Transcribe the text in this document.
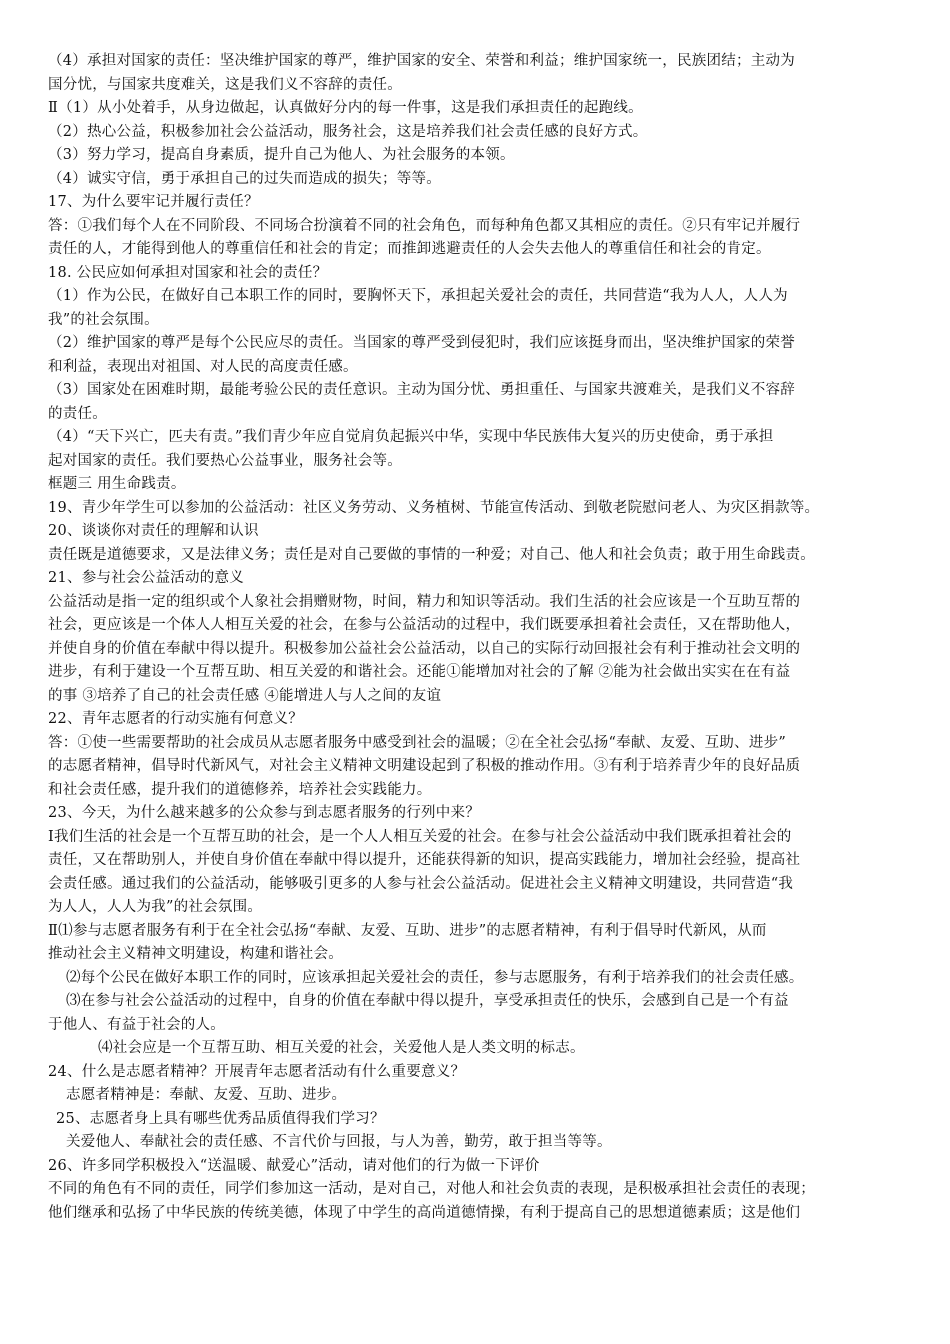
（4）承担对国家的责任：坚决维护国家的尊严，维护国家的安全、荣誉和利益；维护国家统一，民族团结；主动为
国分忧，与国家共度难关，这是我们义不容辞的责任。
Ⅱ（1）从小处着手，从身边做起，认真做好分内的每一件事，这是我们承担责任的起跑线。
（2）热心公益，积极参加社会公益活动，服务社会，这是培养我们社会责任感的良好方式。
（3）努力学习，提高自身素质，提升自己为他人、为社会服务的本领。
（4）诚实守信，勇于承担自己的过失而造成的损失；等等。
17、为什么要牢记并履行责任？
答：①我们每个人在不同阶段、不同场合扮演着不同的社会角色，而每种角色都又其相应的责任。②只有牢记并履行
责任的人，才能得到他人的尊重信任和社会的肯定；而推卸逃避责任的人会失去他人的尊重信任和社会的肯定。
18. 公民应如何承担对国家和社会的责任？
（1）作为公民，在做好自己本职工作的同时，要胸怀天下，承担起关爱社会的责任，共同营造“我为人人，人人为
我”的社会氛围。
（2）维护国家的尊严是每个公民应尽的责任。当国家的尊严受到侵犯时，我们应该挺身而出，坚决维护国家的荣誉
和利益，表现出对祖国、对人民的高度责任感。
（3）国家处在困难时期，最能考验公民的责任意识。主动为国分忧、勇担重任、与国家共渡难关，是我们义不容辞
的责任。
（4）“天下兴亡，匹夫有责。”我们青少年应自觉肩负起振兴中华，实现中华民族伟大复兴的历史使命，勇于承担
起对国家的责任。我们要热心公益事业，服务社会等。
框题三 用生命践责。
19、青少年学生可以参加的公益活动：社区义务劳动、义务植树、节能宣传活动、到敬老院慰问老人、为灾区捐款等。
20、谈谈你对责任的理解和认识
责任既是道德要求，又是法律义务；责任是对自己要做的事情的一种爱；对自己、他人和社会负责；敢于用生命践责。
21、参与社会公益活动的意义
公益活动是指一定的组织或个人象社会捐赠财物，时间，精力和知识等活动。我们生活的社会应该是一个互助互帮的
社会，更应该是一个体人人相互关爱的社会，在参与公益活动的过程中，我们既要承担着社会责任，又在帮助他人，
并使自身的价值在奉献中得以提升。积极参加公益社会公益活动，以自己的实际行动回报社会有利于推动社会文明的
进步，有利于建设一个互帮互助、相互关爱的和谐社会。还能①能增加对社会的了解 ②能为社会做出实实在在有益
的事 ③培养了自己的社会责任感 ④能增进人与人之间的友谊
22、青年志愿者的行动实施有何意义？
答：①使一些需要帮助的社会成员从志愿者服务中感受到社会的温暖；②在全社会弘扬“奉献、友爱、互助、进步”
的志愿者精神，倡导时代新风气，对社会主义精神文明建设起到了积极的推动作用。③有利于培养青少年的良好品质
和社会责任感，提升我们的道德修养，培养社会实践能力。
23、今天，为什么越来越多的公众参与到志愿者服务的行列中来？
Ⅰ我们生活的社会是一个互帮互助的社会，是一个人人相互关爱的社会。在参与社会公益活动中我们既承担着社会的
责任，又在帮助别人，并使自身价值在奉献中得以提升，还能获得新的知识，提高实践能力，增加社会经验，提高社
会责任感。通过我们的公益活动，能够吸引更多的人参与社会公益活动。促进社会主义精神文明建设，共同营造“我
为人人，人人为我”的社会氛围。
Ⅱ⑴参与志愿者服务有利于在全社会弘扬“奉献、友爱、互助、进步”的志愿者精神，有利于倡导时代新风，从而
推动社会主义精神文明建设，构建和谐社会。
⑵每个公民在做好本职工作的同时，应该承担起关爱社会的责任，参与志愿服务，有利于培养我们的社会责任感。
⑶在参与社会公益活动的过程中，自身的价值在奉献中得以提升，享受承担责任的快乐，会感到自己是一个有益
于他人、有益于社会的人。
⑷社会应是一个互帮互助、相互关爱的社会，关爱他人是人类文明的标志。
24、什么是志愿者精神？开展青年志愿者活动有什么重要意义？
志愿者精神是：奉献、友爱、互助、进步。
25、志愿者身上具有哪些优秀品质值得我们学习？
关爱他人、奉献社会的责任感、不言代价与回报，与人为善，勤劳，敢于担当等等。
26、许多同学积极投入“送温暖、献爱心”活动，请对他们的行为做一下评价
不同的角色有不同的责任，同学们参加这一活动，是对自己，对他人和社会负责的表现，是积极承担社会责任的表现；
他们继承和弘扬了中华民族的传统美德，体现了中学生的高尚道德情操，有利于提高自己的思想道德素质；这是他们
